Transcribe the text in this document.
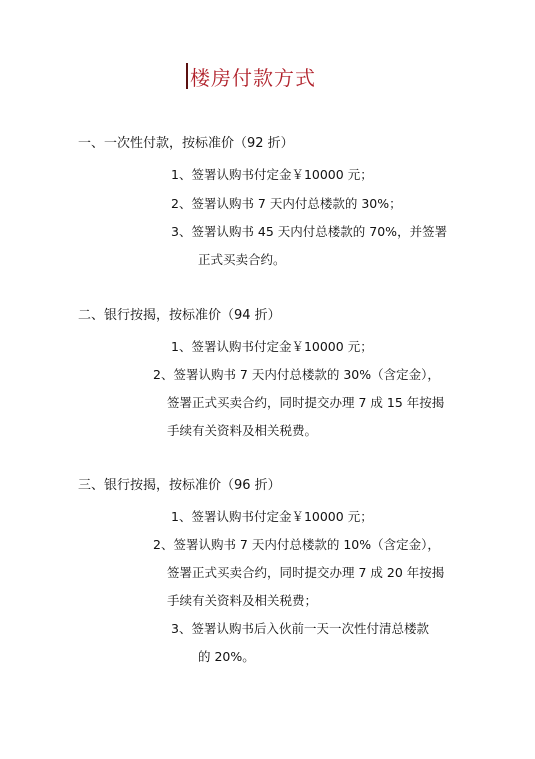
楼房付款方式
一、一次性付款，按标准价（92 折）
1、签署认购书付定金￥10000 元；
2、签署认购书 7 天内付总楼款的 30%；
3、签署认购书 45 天内付总楼款的 70%，并签署
正式买卖合约。
二、银行按揭，按标准价（94 折）
1、签署认购书付定金￥10000 元；
2、签署认购书 7 天内付总楼款的 30%（含定金），
签署正式买卖合约，同时提交办理 7 成 15 年按揭
手续有关资料及相关税费。
三、银行按揭，按标准价（96 折）
1、签署认购书付定金￥10000 元；
2、签署认购书 7 天内付总楼款的 10%（含定金），
签署正式买卖合约，同时提交办理 7 成 20 年按揭
手续有关资料及相关税费；
3、签署认购书后入伙前一天一次性付清总楼款
的 20%。
